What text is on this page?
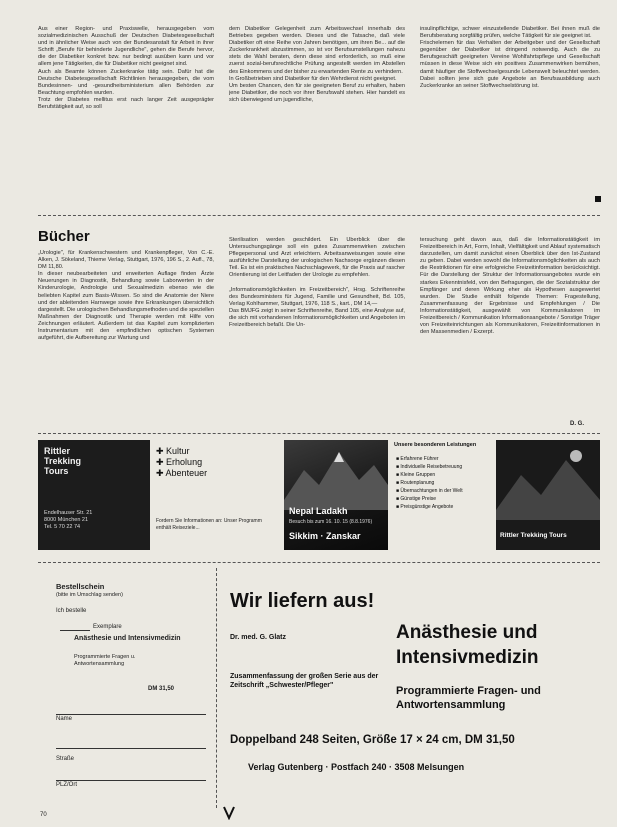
Aus einer Region- und Praxiswelle, herausgegeben vom sozialmedizinischen Ausschuß der Deutschen Diabetesgesellschaft und in ähnlicher Weise auch von der Bundesanstalt für Arbeit in ihrer Schrift „Berufe für behinderte Jugendliche", gehen die Berufe hervor, die der Diabetiker konkret bzw. nur bedingt ausüben kann und vor allem jene Tätigkeiten, die für Diabetiker nicht geeignet sind.
Auch als Beamte können Zuckerkranke tätig sein. Dafür hat die Deutsche Diabetesgesellschaft Richtlinien herausgegeben, die vom Bundesinnen- und -gesundheitsministerium allen Behörden zur Beachtung empfohlen wurden.
Trotz der Diabetes mellitus erst nach langer Zeit ausgeprägter Berufstätigkeit auf, so soll
dem Diabetiker Gelegenheit zum Arbeitswechsel innerhalb des Betriebes gegeben werden. Dieses und die Tatsache, daß viele Diabetiker oft eine Reihe von Jahren benötigen, um ihren Be... auf die Zuckerkrankheit abzustimmen, so ist vor Berufsumstellungen nahezu stets die Wahl beraten, denn diese sind erforderlich, so muß eine zuerst sozial-berufsrechtliche Prüfung angestellt werden im Abstellen des Einkommens und der bisher zu erwartenden Rente zu verhindern.
In Großbetrieben sind Diabetiker für den Wehrdienst nicht geeignet.
Um besten Chancen, den für sie geeigneten Beruf zu erhalten, haben jene Diabetiker, die noch vor ihrer Berufswahl stehen. Hier handelt es sich überwiegend um jugendliche,
insulinpflichtige, schwer einzustellende Diabetiker. Bei ihnen muß die Berufsberatung sorgfältig prüfen, welche Tätigkeit für sie geeignet ist.
Frischelernen für das Verhalten der Arbeitgeber und der Gesellschaft gegenüber der Diabetiker ist dringend notwendig. Auch die zu Berufsgeschäft geeigneten Vereine Wohlfahrtspflege und Gesellschaft müssen in diese Weise sich ein positives Zusammenwirken bemühen, damit häufiger die Stoffwechselgesunde Lebenswelt beleuchtet werden. Dabei sollten jene sich gute Angebote an Berufsausbildung auch Zuckerkranke an seiner Stoffwechselstörung ist.
Bücher
„Urologie", für Krankenschwestern und Krankenpfleger, Von C.-E. Alken, J. Sökeland, Thieme Verlag, Stuttgart, 1976, 196 S., 2. Aufl., 78, DM 11,80.
In dieser neubearbeiteten und erweiterten Auflage finden Ärzte Neuerungen in Diagnostik, Behandlung sowie Laborwerten in der Kinderurologie, Andrologie und Sexualmedizin ebenso wie die beliebten Kapitel zum Basis-Wissen. So sind die Anatomie der Niere und der ableitenden Harnwege sowie ihre Erkrankungen übersichtlich dargestellt. Die urologischen Behandlungsmethoden und die speziellen Maßnahmen der Diagnostik und Therapie werden mit Hilfe von Zeichnungen erläutert. Außerdem ist das Kapitel zum komplizierten Instrumentarium mit den empfindlichen optischen Systemen aufgeführt, die Aufbereitung zur Wartung und
Sterilisation werden geschildert. Ein Überblick über die Untersuchungsgänge soll ein gutes Zusammenwirken zwischen Pflegepersonal und Arzt erleichtern. Arbeitsanweisungen sowie eine ausführliche Darstellung der urologischen Nachsorge ergänzen diesen Teil. Es ist ein praktisches Nachschlagewerk, für die Praxis auf rascher Orientierung ist der Leitfaden der Urologie zu empfehlen.

„Informationsmöglichkeiten im Freizeitbereich", Hrsg. Schriftenreihe des Bundesministers für Jugend, Familie und Gesundheit, Bd. 105, Verlag Kohlhammer, Stuttgart, 1976, 118 S., kart., DM 14,—
Das BMJFG zeigt in seiner Schriftenreihe, Band 105, eine Analyse auf, die sich mit vorhandenen Informationsmöglichkeiten und Angeboten im Freizeitbereich befaßt. Die Un-
tersuchung geht davon aus, daß die Informationstätigkeit im Freizeitbereich in Art, Form, Inhalt, Vielfältigkeit und Ablauf systematisch darzustellen, um damit zunächst einen Überblick über den Ist-Zustand zu geben. Dabei werden sowohl die Informationsmöglichkeiten als auch die Restriktionen für eine erfolgreiche Freizeitinformation berücksichtigt. Für die Darstellung der Struktur der Informationsangebotes wurde ein starkes Erkenntnisfeld, von den Befragungen, die der Sozialstruktur der Empfänger und deren Wirkung eher als Hypothesen ausgewertet wurden. Die Studie enthält folgende Themen: Fragestellung, Zusammenfassung der Ergebnisse und Empfehlungen / Die Informationstätigkeit, ausgewählt von Kommunikatoren im Freizeitbereich / Kommunikation Informationsangebote / Sonstige Träger von Freizeiteinrichtungen als Kommunikatoren, Freizeitinformationen in den Massenmedien / Exzerpt.
D. G.
Rittler
Trekking
Tours
Endelhauser Str. 21
8000 München 21
Tel. 5 70 22 74
✚ Kultur
✚ Erholung
✚ Abenteuer
Fordern Sie Informationen an: Unser Programm enthält Reiseziele...
Nepal Ladakh
Besuch bis zum 16. 10. 15 (8.8.1976)
Sikkim · Zanskar
Unsere besonderen Leistungen
■ Erfahrene Führer
■ Individuelle Reisebetreuung
■ Kleine Gruppen
■ Routenplanung
■ Übernachtungen in der Welt
■ Günstige Preise
■ Preisgünstige Angebote
Rittler Trekking Tours
Bestellschein
(bitte im Umschlag senden)
Ich bestelle
Exemplare
Anästhesie und Intensivmedizin
Programmierte Fragen u. Antwortensammlung
DM 31,50
Name
Straße
PLZ/Ort
Wir liefern aus!
Dr. med. G. Glatz	Anästhesie und Intensivmedizin
Zusammenfassung der großen Serie aus der Zeitschrift „Schwester/Pfleger"	Programmierte Fragen- und Antwortensammlung
Doppelband 248 Seiten, Größe 17 × 24 cm, DM 31,50
Verlag Gutenberg · Postfach 240 · 3508 Melsungen
70
